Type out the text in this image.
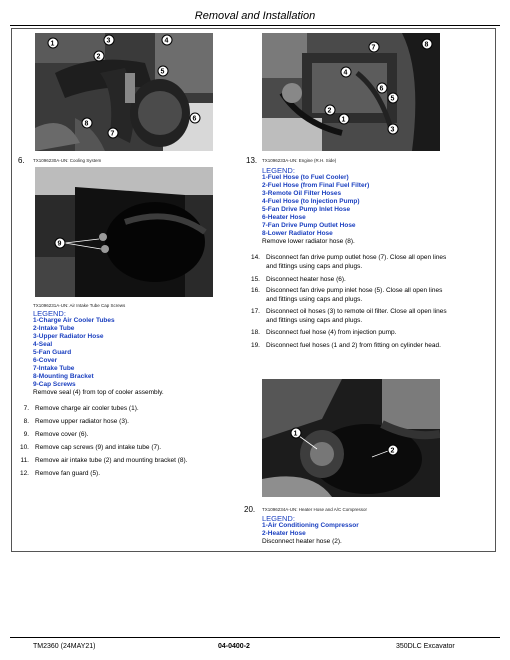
Removal and Installation
1
2
3	4
5
6
7
8
6. TX1096230A-UN: Cooling System
1
2
3
4
5
6
7	8
13. TX1096233A-UN: Engine (R.H. Side)
LEGEND:
1-Fuel Hose (to Fuel Cooler)
2-Fuel Hose (from Final Fuel Filter)
3-Remote Oil Filter Hoses
4-Fuel Hose (to Injection Pump)
5-Fan Drive Pump Inlet Hose
6-Heater Hose
7-Fan Drive Pump Outlet Hose
8-Lower Radiator Hose
Remove lower radiator hose (8).
14. Disconnect fan drive pump outlet hose (7). Close all open lines
and fittings using caps and plugs.
15. Disconnect heater hose (6).
16. Disconnect fan drive pump inlet hose (5). Close all open lines
and fittings using caps and plugs.
17. Disconnect oil hoses (3) to remote oil filter. Close all open lines
and fittings using caps and plugs.
18. Disconnect fuel hose (4) from injection pump.
19. Disconnect fuel hoses (1 and 2) from fitting on cylinder head.
9
TX1096231A-UN: Air Intake Tube Cap Screws
LEGEND:
1-Charge Air Cooler Tubes
2-Intake Tube
3-Upper Radiator Hose
4-Seal
5-Fan Guard
6-Cover
7-Intake Tube
8-Mounting Bracket
9-Cap Screws
Remove seal (4) from top of cooler assembly.
7. Remove charge air cooler tubes (1).
8. Remove upper radiator hose (3).
9. Remove cover (6).
10. Remove cap screws (9) and intake tube (7).
11. Remove air intake tube (2) and mounting bracket (8).
12. Remove fan guard (5).
1
2
20. TX1096234A-UN: Heater Hose and A/C Compressor
LEGEND:
1-Air Conditioning Compressor
2-Heater Hose
Disconnect heater hose (2).
TM2360 (24MAY21)	04-0400-2	350DLC Excavator
